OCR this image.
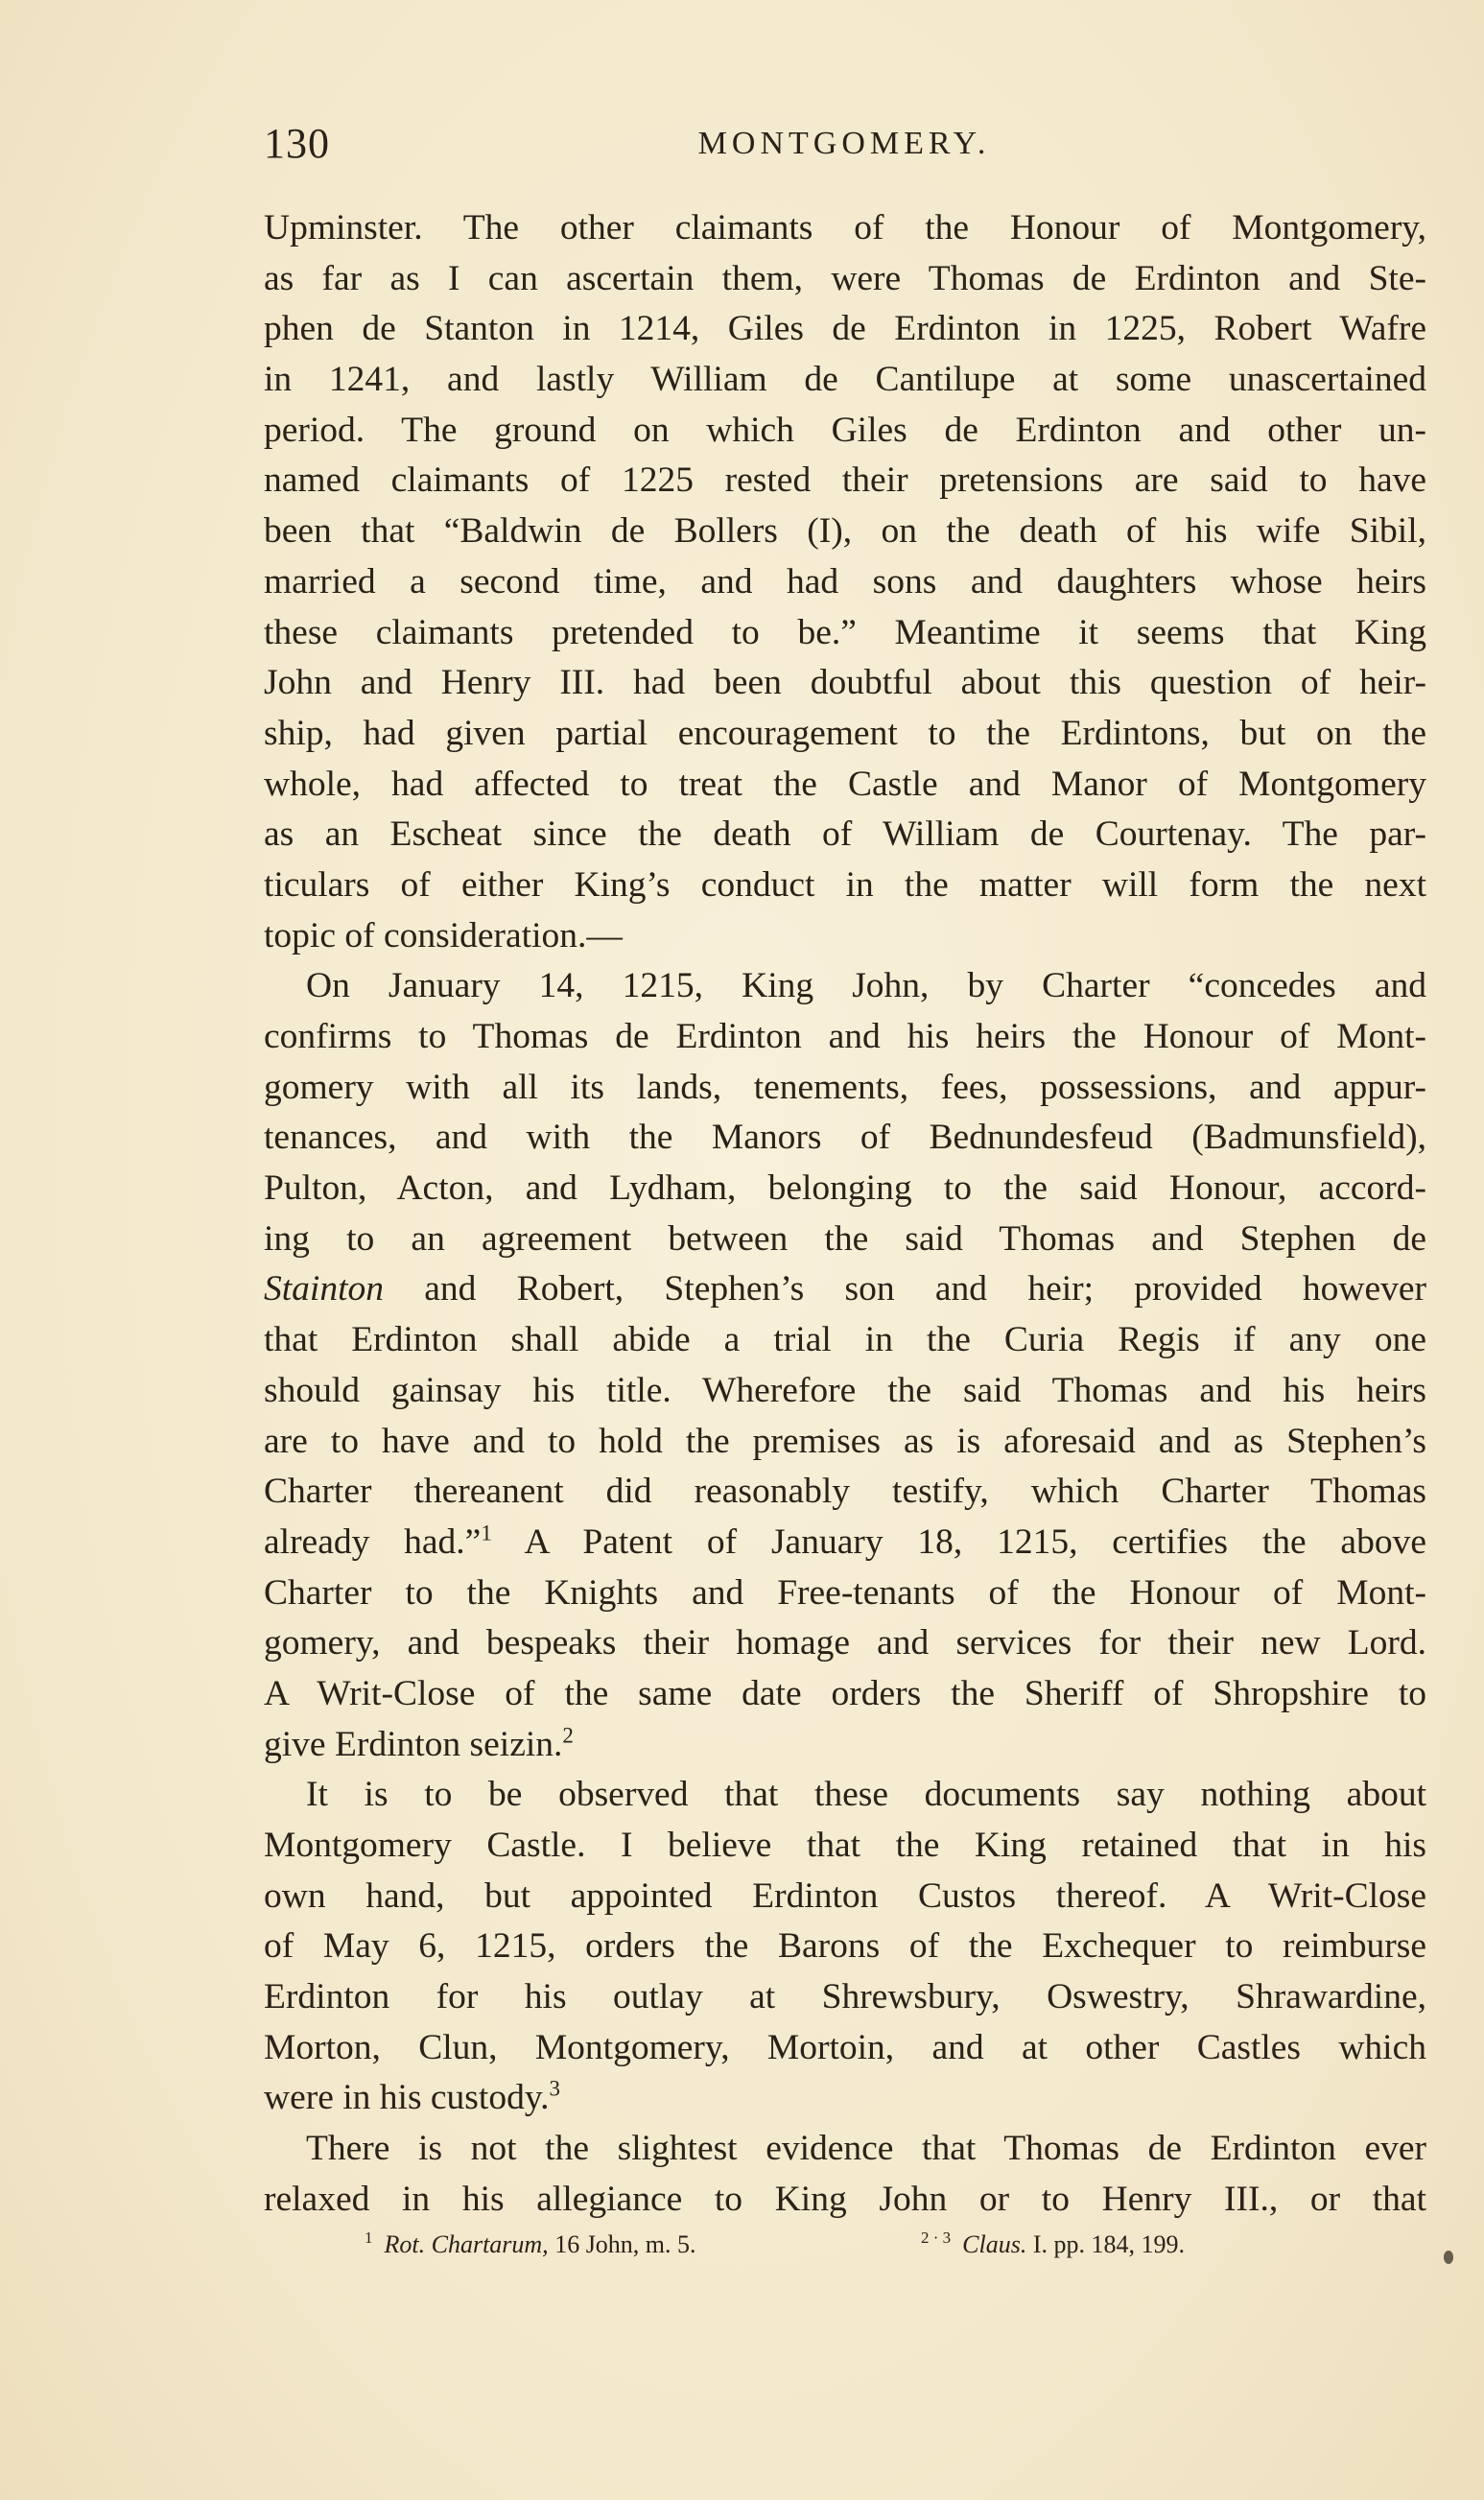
130	MONTGOMERY.
Upminster. The other claimants of the Honour of Montgomery,
as far as I can ascertain them, were Thomas de Erdinton and Ste-
phen de Stanton in 1214, Giles de Erdinton in 1225, Robert Wafre
in 1241, and lastly William de Cantilupe at some unascertained
period. The ground on which Giles de Erdinton and other un-
named claimants of 1225 rested their pretensions are said to have
been that “Baldwin de Bollers (I), on the death of his wife Sibil,
married a second time, and had sons and daughters whose heirs
these claimants pretended to be.” Meantime it seems that King
John and Henry III. had been doubtful about this question of heir-
ship, had given partial encouragement to the Erdintons, but on the
whole, had affected to treat the Castle and Manor of Montgomery
as an Escheat since the death of William de Courtenay. The par-
ticulars of either King’s conduct in the matter will form the next
topic of consideration.—
On January 14, 1215, King John, by Charter “concedes and
confirms to Thomas de Erdinton and his heirs the Honour of Mont-
gomery with all its lands, tenements, fees, possessions, and appur-
tenances, and with the Manors of Bednundesfeud (Badmunsfield),
Pulton, Acton, and Lydham, belonging to the said Honour, accord-
ing to an agreement between the said Thomas and Stephen de
Stainton and Robert, Stephen’s son and heir; provided however
that Erdinton shall abide a trial in the Curia Regis if any one
should gainsay his title. Wherefore the said Thomas and his heirs
are to have and to hold the premises as is aforesaid and as Stephen’s
Charter thereanent did reasonably testify, which Charter Thomas
already had.”$^1$ A Patent of January 18, 1215, certifies the above
Charter to the Knights and Free-tenants of the Honour of Mont-
gomery, and bespeaks their homage and services for their new Lord.
A Writ-Close of the same date orders the Sheriff of Shropshire to
give Erdinton seizin.$^2$
It is to be observed that these documents say nothing about
Montgomery Castle. I believe that the King retained that in his
own hand, but appointed Erdinton Custos thereof. A Writ-Close
of May 6, 1215, orders the Barons of the Exchequer to reimburse
Erdinton for his outlay at Shrewsbury, Oswestry, Shrawardine,
Morton, Clun, Montgomery, Mortoin, and at other Castles which
were in his custody.$^3$
There is not the slightest evidence that Thomas de Erdinton ever
relaxed in his allegiance to King John or to Henry III., or that
$^1$ Rot. Chartarum, 16 John, m. 5.	$^{2 \cdot 3}$ Claus. I. pp. 184, 199.
